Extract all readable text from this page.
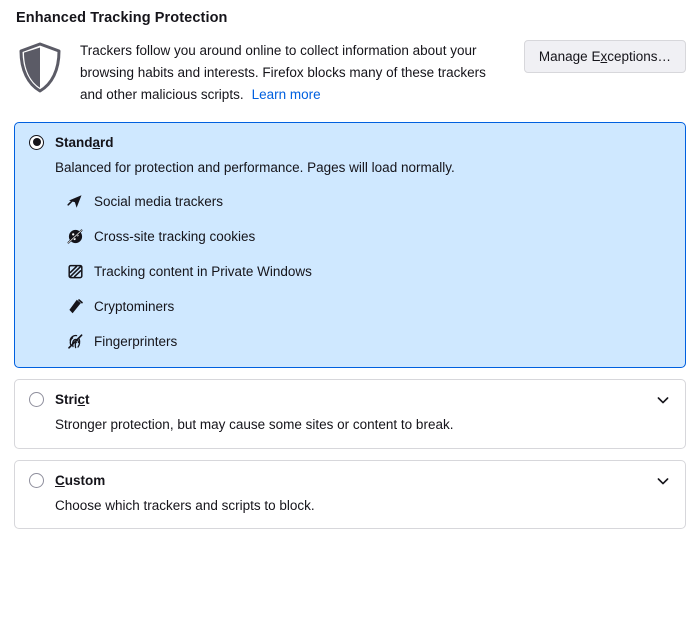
Enhanced Tracking Protection
Trackers follow you around online to collect information about your browsing habits and interests. Firefox blocks many of these trackers and other malicious scripts. Learn more
Manage Exceptions…
Standard
Balanced for protection and performance. Pages will load normally.
Social media trackers
Cross-site tracking cookies
Tracking content in Private Windows
Cryptominers
Fingerprinters
Strict
Stronger protection, but may cause some sites or content to break.
Custom
Choose which trackers and scripts to block.
